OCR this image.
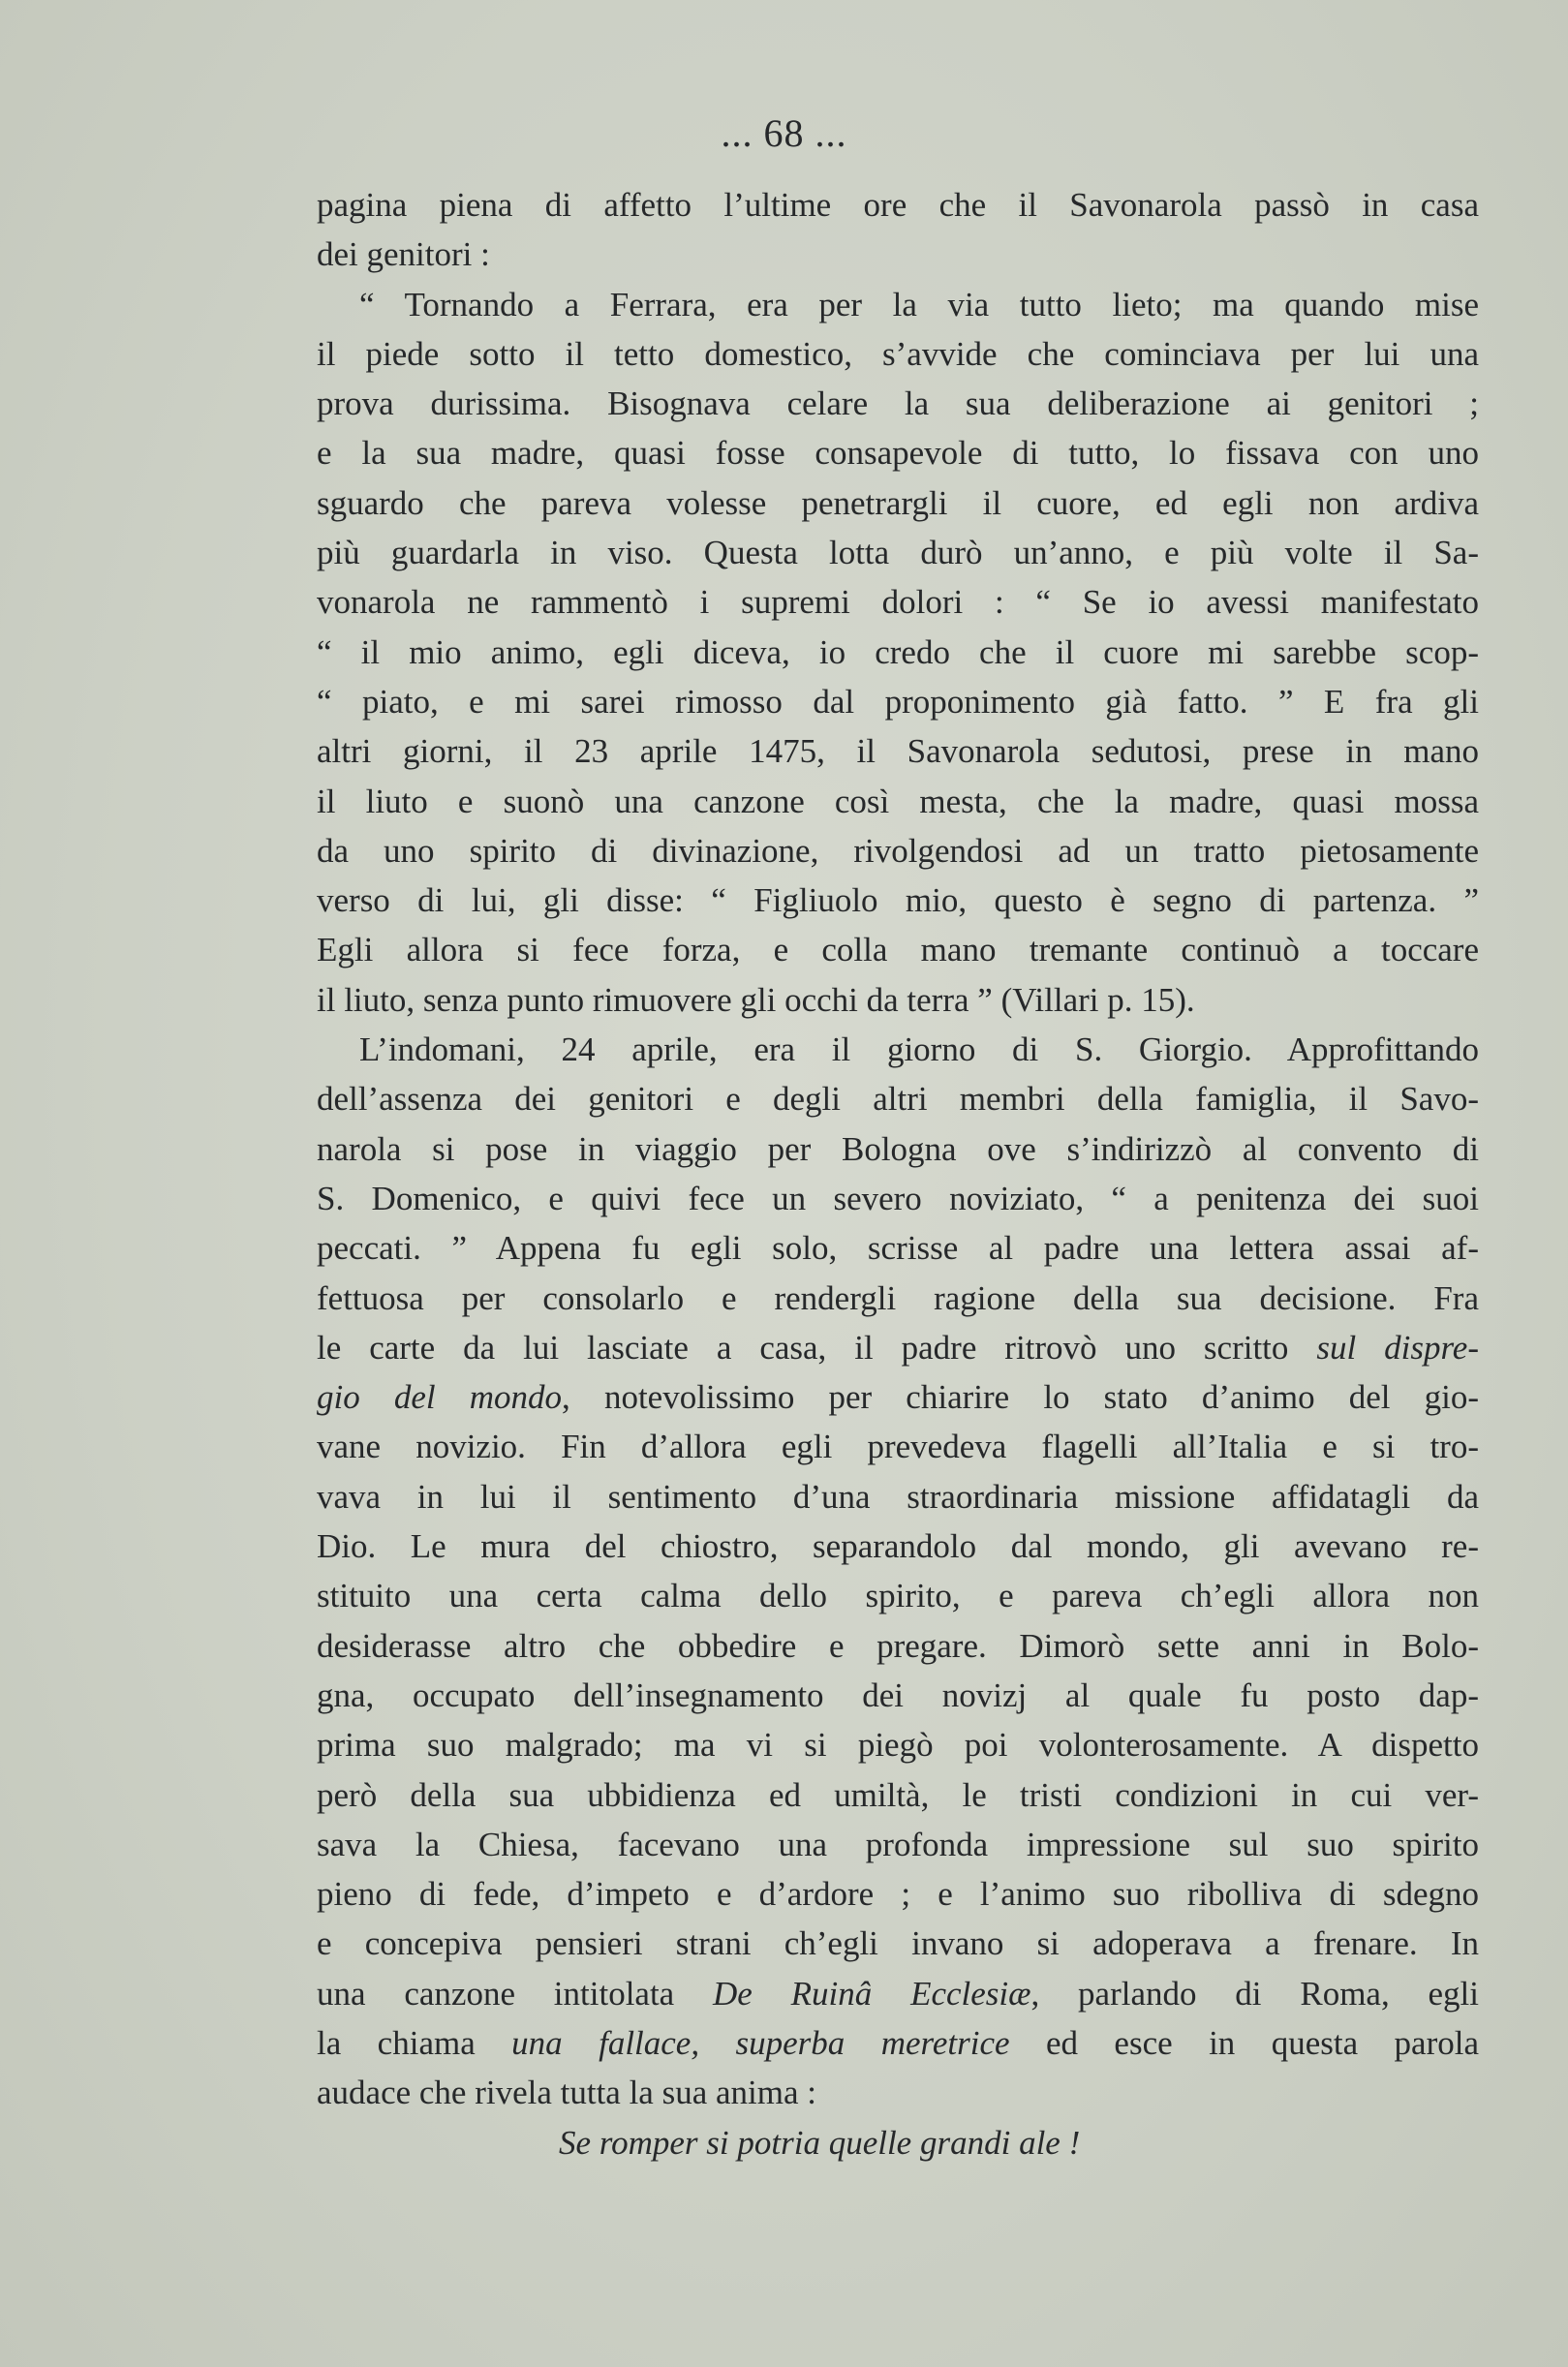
... 68 ...
pagina piena di affetto l’ultime ore che il Savonarola passò in casa
dei genitori :
“ Tornando a Ferrara, era per la via tutto lieto; ma quando mise
il piede sotto il tetto domestico, s’avvide che cominciava per lui una
prova durissima. Bisognava celare la sua deliberazione ai genitori ;
e la sua madre, quasi fosse consapevole di tutto, lo fissava con uno
sguardo che pareva volesse penetrargli il cuore, ed egli non ardiva
più guardarla in viso. Questa lotta durò un’anno, e più volte il Sa-
vonarola ne rammentò i supremi dolori : “ Se io avessi manifestato
“ il mio animo, egli diceva, io credo che il cuore mi sarebbe scop-
“ piato, e mi sarei rimosso dal proponimento già fatto. ” E fra gli
altri giorni, il 23 aprile 1475, il Savonarola sedutosi, prese in mano
il liuto e suonò una canzone così mesta, che la madre, quasi mossa
da uno spirito di divinazione, rivolgendosi ad un tratto pietosamente
verso di lui, gli disse: “ Figliuolo mio, questo è segno di partenza. ”
Egli allora si fece forza, e colla mano tremante continuò a toccare
il liuto, senza punto rimuovere gli occhi da terra ” (Villari p. 15).
L’indomani, 24 aprile, era il giorno di S. Giorgio. Approfittando
dell’assenza dei genitori e degli altri membri della famiglia, il Savo-
narola si pose in viaggio per Bologna ove s’indirizzò al convento di
S. Domenico, e quivi fece un severo noviziato, “ a penitenza dei suoi
peccati. ” Appena fu egli solo, scrisse al padre una lettera assai af-
fettuosa per consolarlo e rendergli ragione della sua decisione. Fra
le carte da lui lasciate a casa, il padre ritrovò uno scritto sul dispre-
gio del mondo, notevolissimo per chiarire lo stato d’animo del gio-
vane novizio. Fin d’allora egli prevedeva flagelli all’Italia e si tro-
vava in lui il sentimento d’una straordinaria missione affidatagli da
Dio. Le mura del chiostro, separandolo dal mondo, gli avevano re-
stituito una certa calma dello spirito, e pareva ch’egli allora non
desiderasse altro che obbedire e pregare. Dimorò sette anni in Bolo-
gna, occupato dell’insegnamento dei novizj al quale fu posto dap-
prima suo malgrado; ma vi si piegò poi volonterosamente. A dispetto
però della sua ubbidienza ed umiltà, le tristi condizioni in cui ver-
sava la Chiesa, facevano una profonda impressione sul suo spirito
pieno di fede, d’impeto e d’ardore ; e l’animo suo ribolliva di sdegno
e concepiva pensieri strani ch’egli invano si adoperava a frenare. In
una canzone intitolata De Ruinâ Ecclesiæ, parlando di Roma, egli
la chiama una fallace, superba meretrice ed esce in questa parola
audace che rivela tutta la sua anima :
Se romper si potria quelle grandi ale !
